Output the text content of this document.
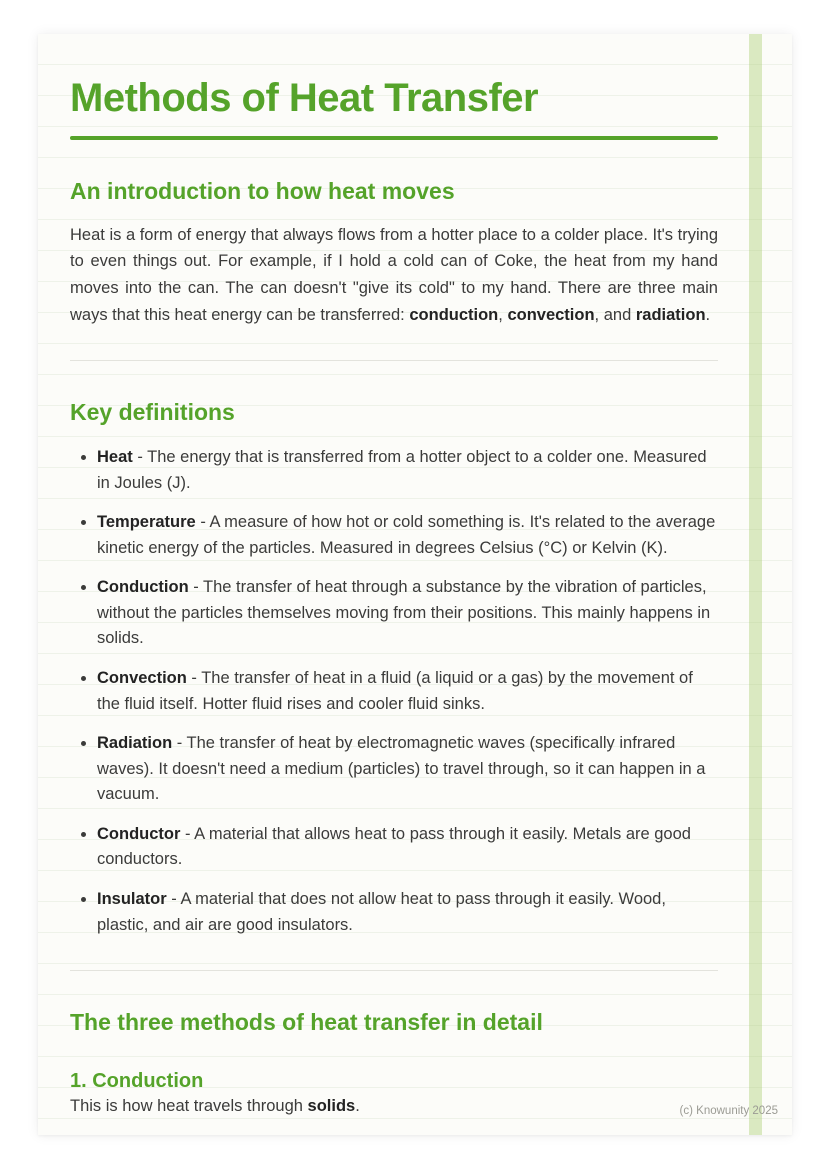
Methods of Heat Transfer
An introduction to how heat moves

Heat is a form of energy that always flows from a hotter place to a colder place. It's trying to even things out. For example, if I hold a cold can of Coke, the heat from my hand moves into the can. The can doesn't "give its cold" to my hand. There are three main ways that this heat energy can be transferred: conduction, convection, and radiation.

Key definitions
• Heat - The energy that is transferred from a hotter object to a colder one. Measured in Joules (J).
• Temperature - A measure of how hot or cold something is. It's related to the average kinetic energy of the particles. Measured in degrees Celsius (°C) or Kelvin (K).
• Conduction - The transfer of heat through a substance by the vibration of particles, without the particles themselves moving from their positions. This mainly happens in solids.
• Convection - The transfer of heat in a fluid (a liquid or a gas) by the movement of the fluid itself. Hotter fluid rises and cooler fluid sinks.
• Radiation - The transfer of heat by electromagnetic waves (specifically infrared waves). It doesn't need a medium (particles) to travel through, so it can happen in a vacuum.
• Conductor - A material that allows heat to pass through it easily. Metals are good conductors.
• Insulator - A material that does not allow heat to pass through it easily. Wood, plastic, and air are good insulators.
The three methods of heat transfer in detail
1. Conduction

This is how heat travels through solids.	(c) Knowunity 2025
